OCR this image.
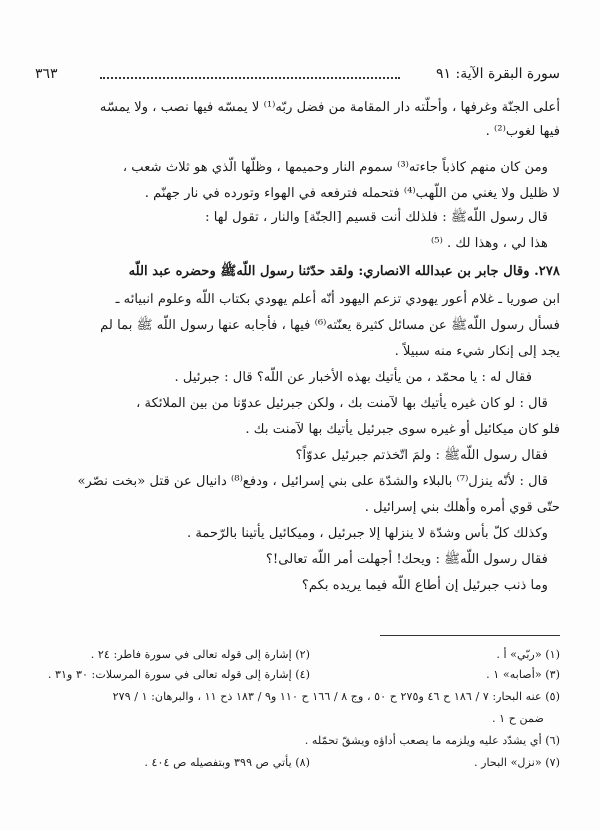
سورة البقرة الآية: ٩١
٣٦٣
أعلى الجنّة وغرفها ، وأحلّته دار المقامة من فضل ربّه⁽¹⁾ لا يمسّه فيها نصب ، ولا يمسّه
فيها لغوب⁽²⁾ .
ومن كان منهم كاذباً جاءته⁽³⁾ سموم النار وحميمها ، وظلّها الّذي هو ثلاث شعب ،
لا ظليل ولا يغني من اللّهب⁽⁴⁾ فتحمله فترفعه في الهواء وتورده في نار جهنّم .
قال رسول اللّهﷺ : فلذلك أنت قسيم [الجنّة] والنار ، تقول لها :
هذا لي ، وهذا لك . ⁽⁵⁾
٢٧٨. وقال جابر بن عبدالله الانصاري: ولقد حدّثنا رسول اللّهﷺ وحضره عبد اللّه
ابن صوريا ـ غلام أعور يهودي تزعم اليهود أنّه أعلم يهودي بكتاب اللّه وعلوم انبيائه ـ
فسأل رسول اللّهﷺ عن مسائل كثيرة يعنّته⁽⁶⁾ فيها ، فأجابه عنها رسول اللّه ﷺ بما لم
يجد إلى إنكار شيء منه سبيلاً .
فقال له : يا محمّد ، من يأتيك بهذه الأخبار عن اللّه؟ قال : جبرئيل .
قال : لو كان غيره يأتيك بها لآمنت بك ، ولكن جبرئيل عدوّنا من بين الملائكة ،
فلو كان ميكائيل أو غيره سوى جبرئيل يأتيك بها لآمنت بك .
فقال رسول اللّهﷺ : ولمَ اتّخذتم جبرئيل عدوّاً؟
قال : لأنّه ينزل⁽⁷⁾ بالبلاء والشدّة على بني إسرائيل ، ودفع⁽⁸⁾ دانيال عن قتل «بخت نصّر»
حتّى قوي أمره وأهلك بني إسرائيل .
وكذلك كلّ بأس وشدّة لا ينزلها إلا جبرئيل ، وميكائيل يأتينا بالرّحمة .
فقال رسول اللّهﷺ : ويحك! أجهلت أمر اللّه تعالى!؟
وما ذنب جبرئيل إن أطاع اللّه فيما يريده بكم؟
(١) «ربّي» أ .
(٢) إشارة إلى قوله تعالى في سورة فاطر: ٢٤ .
(٣) «أصابه» ١ .
(٤) إشارة إلى قوله تعالى في سورة المرسلات: ٣٠ و٣١ .
(٥) عنه البحار: ٧ / ١٨٦ ح ٤٦ و٢٧٥ ح ٥٠ ، وج ٨ / ١٦٦ ح ١١٠ و٩ / ١٨٣ ذح ١١ ، والبرهان: ١ / ٢٧٩
ضمن ح ١ .
(٦) أي يشدّد عليه ويلزمه ما يصعب أداؤه ويشقّ تحمّله .
(٧) «نزل» البحار .
(٨) يأتي ص ٣٩٩ وبتفصيله ص ٤٠٤ .
